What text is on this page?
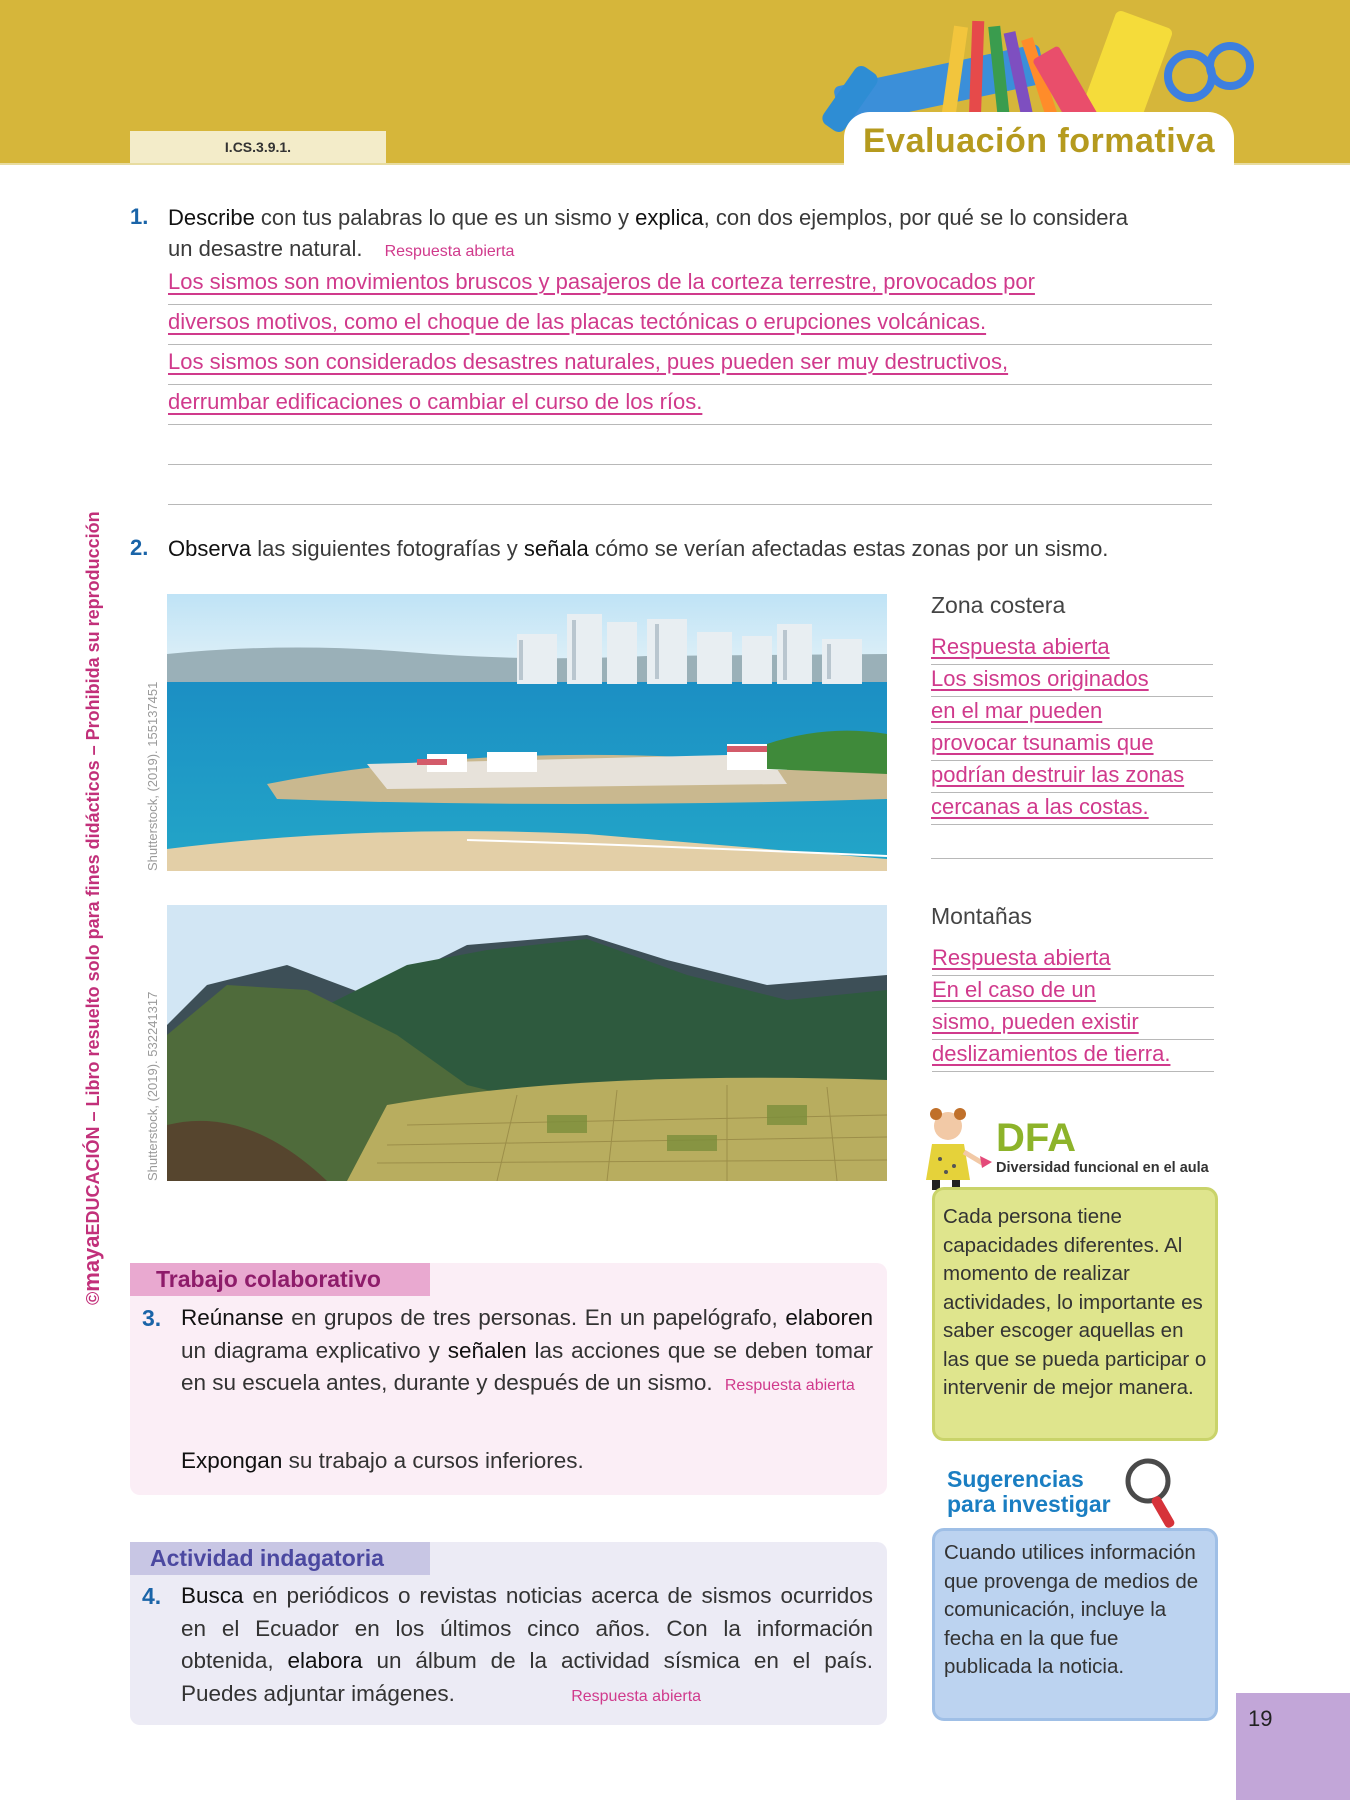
Evaluación formativa
I.CS.3.9.1.
©mayaEDUCACIÓN – Libro resuelto solo para fines didácticos – Prohibida su reproducción
1. Describe con tus palabras lo que es un sismo y explica, con dos ejemplos, por qué se lo considera
un desastre natural. Respuesta abierta
Los sismos son movimientos bruscos y pasajeros de la corteza terrestre, provocados por
diversos motivos, como el choque de las placas tectónicas o erupciones volcánicas.
Los sismos son considerados desastres naturales, pues pueden ser muy destructivos,
derrumbar edificaciones o cambiar el curso de los ríos.
2. Observa las siguientes fotografías y señala cómo se verían afectadas estas zonas por un sismo.
Shutterstock, (2019). 155137451
Shutterstock, (2019). 532241317
Zona costera
Respuesta abierta
Los sismos originados
en el mar pueden
provocar tsunamis que
podrían destruir las zonas
cercanas a las costas.
Montañas
Respuesta abierta
En el caso de un
sismo, pueden existir
deslizamientos de tierra.
Trabajo colaborativo
3. Reúnanse en grupos de tres personas. En un papelógrafo, elaboren un diagrama explicativo y señalen las acciones que se deben tomar en su escuela antes, durante y después de un sismo. Respuesta abierta
Expongan su trabajo a cursos inferiores.
Actividad indagatoria
4. Busca en periódicos o revistas noticias acerca de sismos ocurridos en el Ecuador en los últimos cinco años. Con la información obtenida, elabora un álbum de la actividad sísmica en el país. Puedes adjuntar imágenes.	Respuesta abierta
DFA
Diversidad funcional en el aula
Cada persona tiene capacidades diferentes. Al momento de realizar actividades, lo importante es saber escoger aquellas en las que se pueda participar o intervenir de mejor manera.
Sugerencias
para investigar
Cuando utilices información que provenga de medios de comunicación, incluye la fecha en la que fue publicada la noticia.
19
